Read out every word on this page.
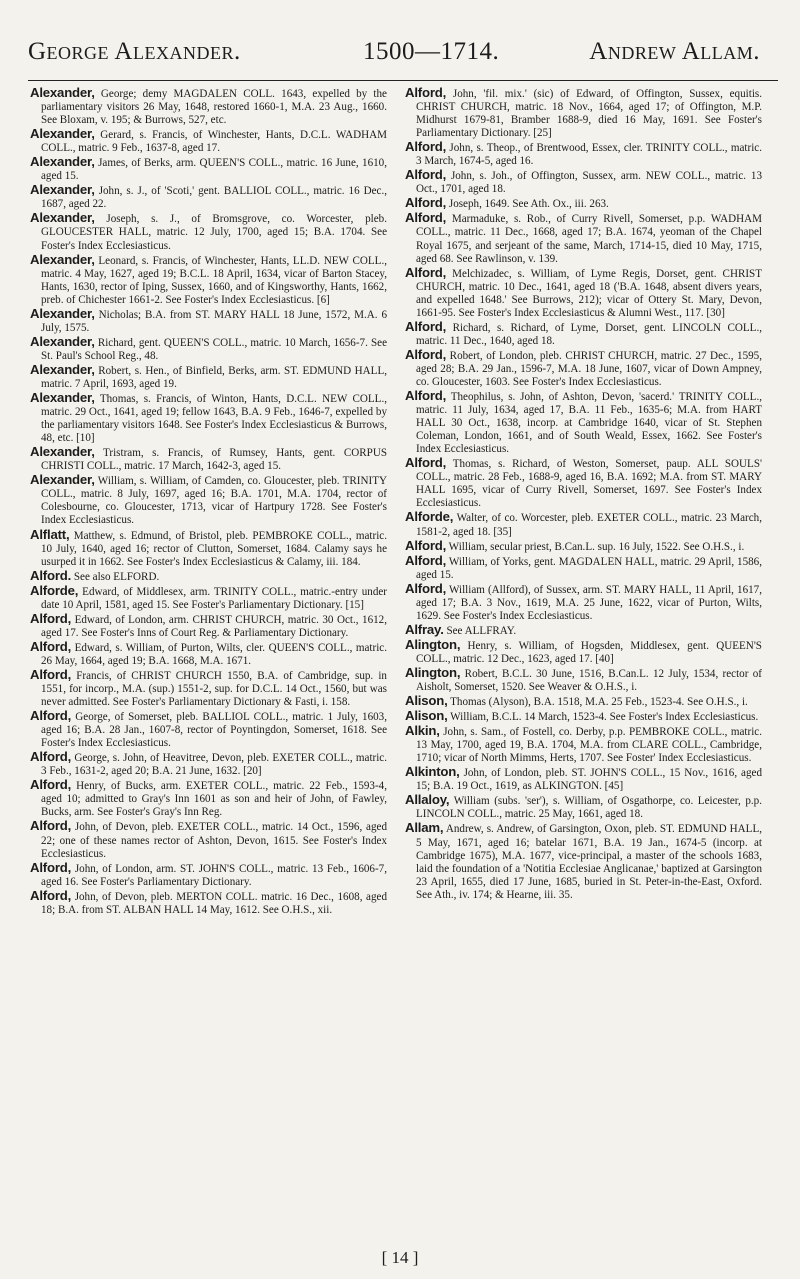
George Alexander.	1500—1714.	Andrew Allam.

Alexander, George; demy MAGDALEN COLL. 1643, expelled by the parliamentary visitors 26 May, 1648, restored 1660-1, M.A. 23 Aug., 1660. See Bloxam, v. 195; & Burrows, 527, etc.

Alexander, Gerard, s. Francis, of Winchester, Hants, D.C.L. WADHAM COLL., matric. 9 Feb., 1637-8, aged 17.

Alexander, James, of Berks, arm. QUEEN'S COLL., matric. 16 June, 1610, aged 15.

Alexander, John, s. J., of 'Scoti,' gent. BALLIOL COLL., matric. 16 Dec., 1687, aged 22.

Alexander, Joseph, s. J., of Bromsgrove, co. Worcester, pleb. GLOUCESTER HALL, matric. 12 July, 1700, aged 15; B.A. 1704. See Foster's Index Ecclesiasticus.

Alexander, Leonard, s. Francis, of Winchester, Hants, LL.D. NEW COLL., matric. 4 May, 1627, aged 19; B.C.L. 18 April, 1634, vicar of Barton Stacey, Hants, 1630, rector of Iping, Sussex, 1660, and of Kingsworthy, Hants, 1662, preb. of Chichester 1661-2. See Foster's Index Ecclesiasticus. [6]

Alexander, Nicholas; B.A. from ST. MARY HALL 18 June, 1572, M.A. 6 July, 1575.

Alexander, Richard, gent. QUEEN'S COLL., matric. 10 March, 1656-7. See St. Paul's School Reg., 48.

Alexander, Robert, s. Hen., of Binfield, Berks, arm. ST. EDMUND HALL, matric. 7 April, 1693, aged 19.

Alexander, Thomas, s. Francis, of Winton, Hants, D.C.L. NEW COLL., matric. 29 Oct., 1641, aged 19; fellow 1643, B.A. 9 Feb., 1646-7, expelled by the parliamentary visitors 1648. See Foster's Index Ecclesiasticus & Burrows, 48, etc. [10]

Alexander, Tristram, s. Francis, of Rumsey, Hants, gent. CORPUS CHRISTI COLL., matric. 17 March, 1642-3, aged 15.

Alexander, William, s. William, of Camden, co. Gloucester, pleb. TRINITY COLL., matric. 8 July, 1697, aged 16; B.A. 1701, M.A. 1704, rector of Colesbourne, co. Gloucester, 1713, vicar of Hartpury 1728. See Foster's Index Ecclesiasticus.

Alflatt, Matthew, s. Edmund, of Bristol, pleb. PEMBROKE COLL., matric. 10 July, 1640, aged 16; rector of Clutton, Somerset, 1684. Calamy says he usurped it in 1662. See Foster's Index Ecclesiasticus & Calamy, iii. 184.

Alford. See also ELFORD.

Alforde, Edward, of Middlesex, arm. TRINITY COLL., matric.-entry under date 10 April, 1581, aged 15. See Foster's Parliamentary Dictionary. [15]

Alford, Edward, of London, arm. CHRIST CHURCH, matric. 30 Oct., 1612, aged 17. See Foster's Inns of Court Reg. & Parliamentary Dictionary.

Alford, Edward, s. William, of Purton, Wilts, cler. QUEEN'S COLL., matric. 26 May, 1664, aged 19; B.A. 1668, M.A. 1671.

Alford, Francis, of CHRIST CHURCH 1550, B.A. of Cambridge, sup. in 1551, for incorp., M.A. (sup.) 1551-2, sup. for D.C.L. 14 Oct., 1560, but was never admitted. See Foster's Parliamentary Dictionary & Fasti, i. 158.

Alford, George, of Somerset, pleb. BALLIOL COLL., matric. 1 July, 1603, aged 16; B.A. 28 Jan., 1607-8, rector of Poyntingdon, Somerset, 1618. See Foster's Index Ecclesiasticus.

Alford, George, s. John, of Heavitree, Devon, pleb. EXETER COLL., matric. 3 Feb., 1631-2, aged 20; B.A. 21 June, 1632. [20]

Alford, Henry, of Bucks, arm. EXETER COLL., matric. 22 Feb., 1593-4, aged 10; admitted to Gray's Inn 1601 as son and heir of John, of Fawley, Bucks, arm. See Foster's Gray's Inn Reg.

Alford, John, of Devon, pleb. EXETER COLL., matric. 14 Oct., 1596, aged 22; one of these names rector of Ashton, Devon, 1615. See Foster's Index Ecclesiasticus.

Alford, John, of London, arm. ST. JOHN'S COLL., matric. 13 Feb., 1606-7, aged 16. See Foster's Parliamentary Dictionary.

Alford, John, of Devon, pleb. MERTON COLL. matric. 16 Dec., 1608, aged 18; B.A. from ST. ALBAN HALL 14 May, 1612. See O.H.S., xii.

Alford, John, 'fil. mix.' (sic) of Edward, of Offington, Sussex, equitis. CHRIST CHURCH, matric. 18 Nov., 1664, aged 17; of Offington, M.P. Midhurst 1679-81, Bramber 1688-9, died 16 May, 1691. See Foster's Parliamentary Dictionary. [25]

Alford, John, s. Theop., of Brentwood, Essex, cler. TRINITY COLL., matric. 3 March, 1674-5, aged 16.

Alford, John, s. Joh., of Offington, Sussex, arm. NEW COLL., matric. 13 Oct., 1701, aged 18.

Alford, Joseph, 1649. See Ath. Ox., iii. 263.

Alford, Marmaduke, s. Rob., of Curry Rivell, Somerset, p.p. WADHAM COLL., matric. 11 Dec., 1668, aged 17; B.A. 1674, yeoman of the Chapel Royal 1675, and serjeant of the same, March, 1714-15, died 10 May, 1715, aged 68. See Rawlinson, v. 139.

Alford, Melchizadec, s. William, of Lyme Regis, Dorset, gent. CHRIST CHURCH, matric. 10 Dec., 1641, aged 18 ('B.A. 1648, absent divers years, and expelled 1648.' See Burrows, 212); vicar of Ottery St. Mary, Devon, 1661-95. See Foster's Index Ecclesiasticus & Alumni West., 117. [30]

Alford, Richard, s. Richard, of Lyme, Dorset, gent. LINCOLN COLL., matric. 11 Dec., 1640, aged 18.

Alford, Robert, of London, pleb. CHRIST CHURCH, matric. 27 Dec., 1595, aged 28; B.A. 29 Jan., 1596-7, M.A. 18 June, 1607, vicar of Down Ampney, co. Gloucester, 1603. See Foster's Index Ecclesiasticus.

Alford, Theophilus, s. John, of Ashton, Devon, 'sacerd.' TRINITY COLL., matric. 11 July, 1634, aged 17, B.A. 11 Feb., 1635-6; M.A. from HART HALL 30 Oct., 1638, incorp. at Cambridge 1640, vicar of St. Stephen Coleman, London, 1661, and of South Weald, Essex, 1662. See Foster's Index Ecclesiasticus.

Alford, Thomas, s. Richard, of Weston, Somerset, paup. ALL SOULS' COLL., matric. 28 Feb., 1688-9, aged 16, B.A. 1692; M.A. from ST. MARY HALL 1695, vicar of Curry Rivell, Somerset, 1697. See Foster's Index Ecclesiasticus.

Alforde, Walter, of co. Worcester, pleb. EXETER COLL., matric. 23 March, 1581-2, aged 18. [35]

Alford, William, secular priest, B.Can.L. sup. 16 July, 1522. See O.H.S., i.

Alford, William, of Yorks, gent. MAGDALEN HALL, matric. 29 April, 1586, aged 15.

Alford, William (Allford), of Sussex, arm. ST. MARY HALL, 11 April, 1617, aged 17; B.A. 3 Nov., 1619, M.A. 25 June, 1622, vicar of Purton, Wilts, 1629. See Foster's Index Ecclesiasticus.

Alfray. See ALLFRAY.

Alington, Henry, s. William, of Hogsden, Middlesex, gent. QUEEN'S COLL., matric. 12 Dec., 1623, aged 17. [40]

Alington, Robert, B.C.L. 30 June, 1516, B.Can.L. 12 July, 1534, rector of Aisholt, Somerset, 1520. See Weaver & O.H.S., i.

Alison, Thomas (Alyson), B.A. 1518, M.A. 25 Feb., 1523-4. See O.H.S., i.

Alison, William, B.C.L. 14 March, 1523-4. See Foster's Index Ecclesiasticus.

Alkin, John, s. Sam., of Fostell, co. Derby, p.p. PEMBROKE COLL., matric. 13 May, 1700, aged 19, B.A. 1704, M.A. from CLARE COLL., Cambridge, 1710; vicar of North Mimms, Herts, 1707. See Foster' Index Ecclesiasticus.

Alkinton, John, of London, pleb. ST. JOHN'S COLL., 15 Nov., 1616, aged 15; B.A. 19 Oct., 1619, as ALKINGTON. [45]

Allaloy, William (subs. 'ser'), s. William, of Osgathorpe, co. Leicester, p.p. LINCOLN COLL., matric. 25 May, 1661, aged 18.

Allam, Andrew, s. Andrew, of Garsington, Oxon, pleb. ST. EDMUND HALL, 5 May, 1671, aged 16; batelar 1671, B.A. 19 Jan., 1674-5 (incorp. at Cambridge 1675), M.A. 1677, vice-principal, a master of the schools 1683, laid the foundation of a 'Notitia Ecclesiae Anglicanae,' baptized at Garsington 23 April, 1655, died 17 June, 1685, buried in St. Peter-in-the-East, Oxford. See Ath., iv. 174; & Hearne, iii. 35.

[ 14 ]
